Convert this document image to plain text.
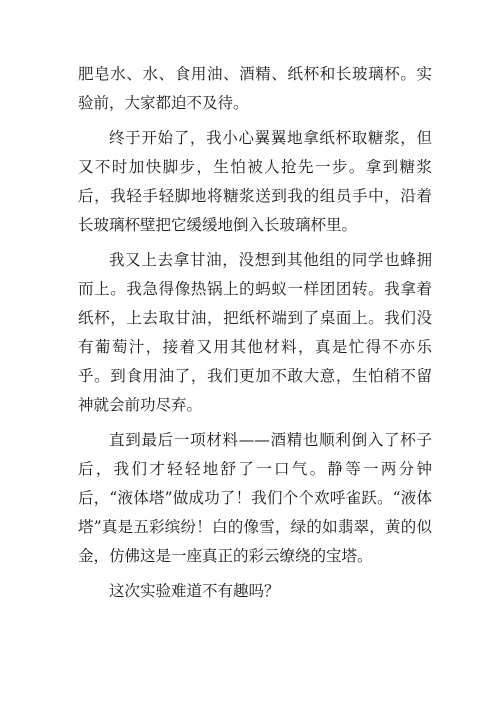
肥皂水、水、食用油、酒精、纸杯和长玻璃杯。实验前，大家都迫不及待。

终于开始了，我小心翼翼地拿纸杯取糖浆，但又不时加快脚步，生怕被人抢先一步。拿到糖浆后，我轻手轻脚地将糖浆送到我的组员手中，沿着长玻璃杯壁把它缓缓地倒入长玻璃杯里。

我又上去拿甘油，没想到其他组的同学也蜂拥而上。我急得像热锅上的蚂蚁一样团团转。我拿着纸杯，上去取甘油，把纸杯端到了桌面上。我们没有葡萄汁，接着又用其他材料，真是忙得不亦乐乎。到食用油了，我们更加不敢大意，生怕稍不留神就会前功尽弃。

直到最后一项材料——酒精也顺利倒入了杯子后，我们才轻轻地舒了一口气。静等一两分钟后，“液体塔”做成功了！我们个个欢呼雀跃。“液体塔”真是五彩缤纷！白的像雪，绿的如翡翠，黄的似金，仿佛这是一座真正的彩云缭绕的宝塔。

这次实验难道不有趣吗？
